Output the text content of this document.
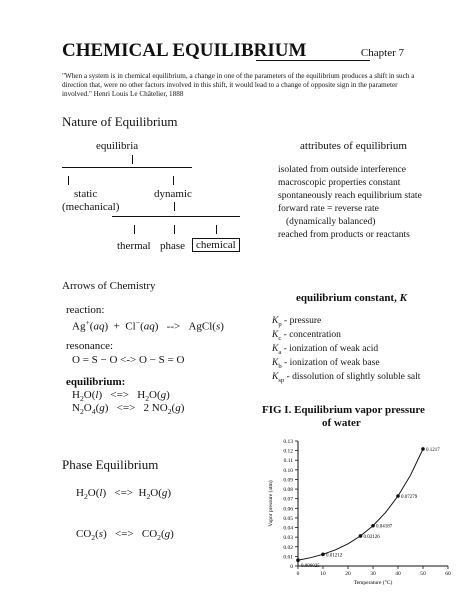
CHEMICAL EQUILIBRIUM	Chapter 7
"When a system is in chemical equilibrium, a change in one of the parameters of the equilibrium produces a shift in such a direction that, were no other factors involved in this shift, it would lead to a change of opposite sign in the parameter involved." Henri Louis Le Châtelier, 1888
Nature of Equilibrium
equilibria
static
(mechanical)
dynamic
thermal phase chemical
attributes of equilibrium
isolated from outside interference
macroscopic properties constant
spontaneously reach equilibrium state
forward rate = reverse rate
(dynamically balanced)
reached from products or reactants
Arrows of Chemistry
reaction:
Ag+(aq)  +  Cl−(aq)   -->   AgCl(s)
resonance:
O = S − O <-> O − S = O
equilibrium:
$H_2O(l)$   <=>   $H_2O(g)$
$N_2O_4(g)$   <=>   2 $NO_2(g)$
equilibrium constant, K
$K_p$ - pressure
$K_c$ - concentration
$K_a$ - ionization of weak acid
$K_b$ - ionization of weak base
$K_{sp}$ - dissolution of slightly soluble salt
Phase Equilibrium
$H_2O(l)$   <=>  $H_2O(g)$
$CO_2(s)$   <=>   $CO_2(g)$
FIG I. Equilibrium vapor pressure
of water
0
0.01
0.02
0.03
0.04
0.05
0.06
0.07
0.08
0.09
0.10
0.11
0.12
0.13
0	10	20	30	40	50	60
Temperature (°C)
Vapor pressure (atm)
0.006025
0.01212
0.03126
0.04187
0.07279
0.1217
